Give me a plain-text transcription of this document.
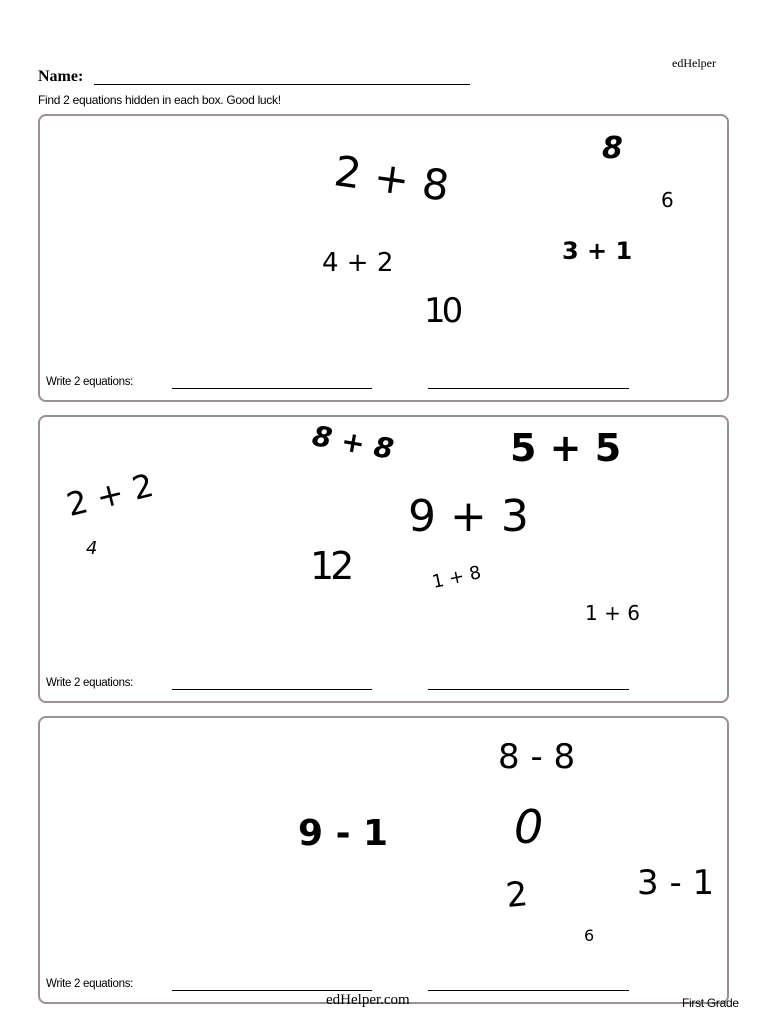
edHelper
Name:
Find 2 equations hidden in each box. Good luck!
2 + 8	8
6
4 + 2	3 + 1
10
Write 2 equations:
8 + 8	5 + 5
2 + 2	9 + 3
4	12	1 + 8
1 + 6
Write 2 equations:
8 - 8
9 - 1	0
3 - 1
2
6
Write 2 equations:
edHelper.com	First Grade
